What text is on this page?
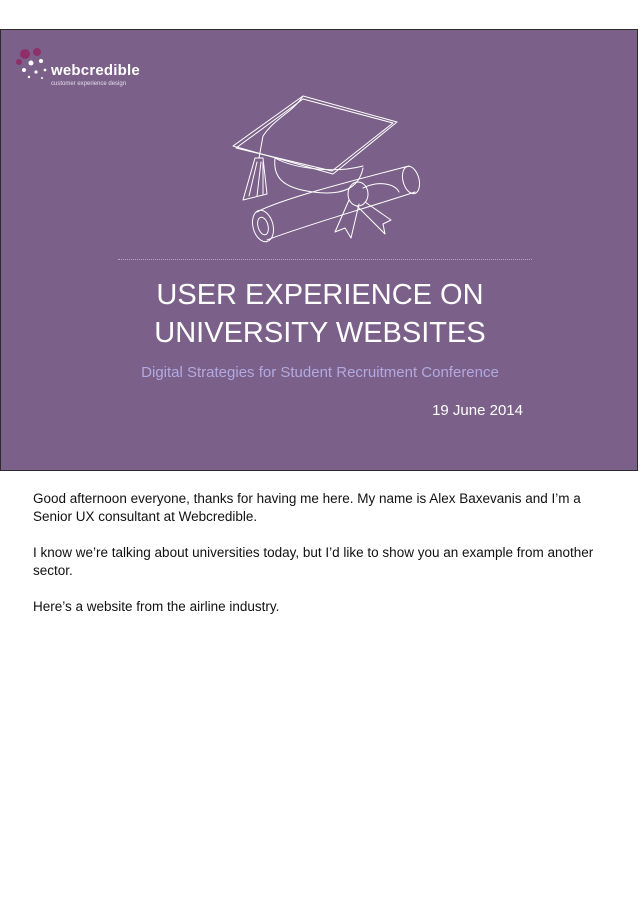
webcredible
customer experience design
USER EXPERIENCE ON
UNIVERSITY WEBSITES
Digital Strategies for Student Recruitment Conference
19 June 2014

Good afternoon everyone, thanks for having me here. My name is Alex Baxevanis and I’m a Senior UX consultant at Webcredible.

I know we’re talking about universities today, but I’d like to show you an example from another sector.

Here’s a website from the airline industry.
